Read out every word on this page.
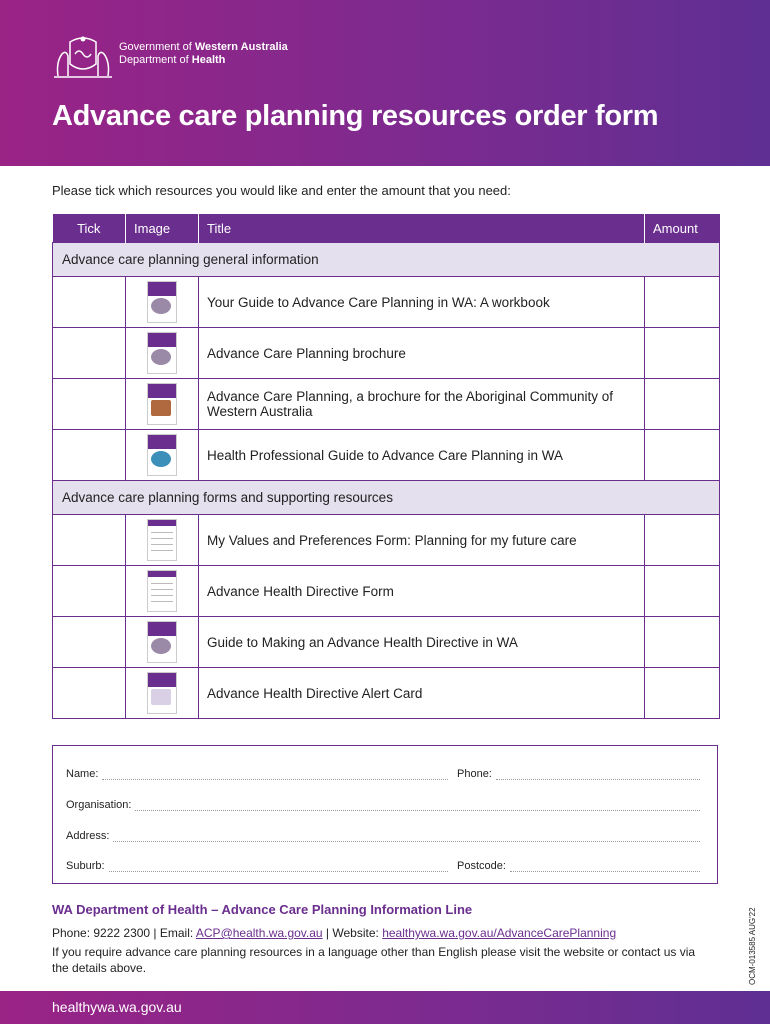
Government of Western Australia
Department of Health
Advance care planning resources order form
Please tick which resources you would like and enter the amount that you need:
Tick	Image	Title	Amount
Advance care planning general information			

	Your Guide to Advance Care Planning in WA: A workbook	

	Advance Care Planning brochure	

	Advance Care Planning, a brochure for the Aboriginal Community of Western Australia	

	Health Professional Guide to Advance Care Planning in WA	
Advance care planning forms and supporting resources			

	My Values and Preferences Form: Planning for my future care	

	Advance Health Directive Form	

	Guide to Making an Advance Health Directive in WA	

	Advance Health Directive Alert Card	
Name:	Phone:
Organisation:
Address:
Suburb:	Postcode:
WA Department of Health – Advance Care Planning Information Line
Phone: 9222 2300 | Email: ACP@health.wa.gov.au | Website: healthywa.wa.gov.au/AdvanceCarePlanning
If you require advance care planning resources in a language other than English please visit the website or contact us via the details above.	OCM-013585 AUG'22
healthywa.wa.gov.au
